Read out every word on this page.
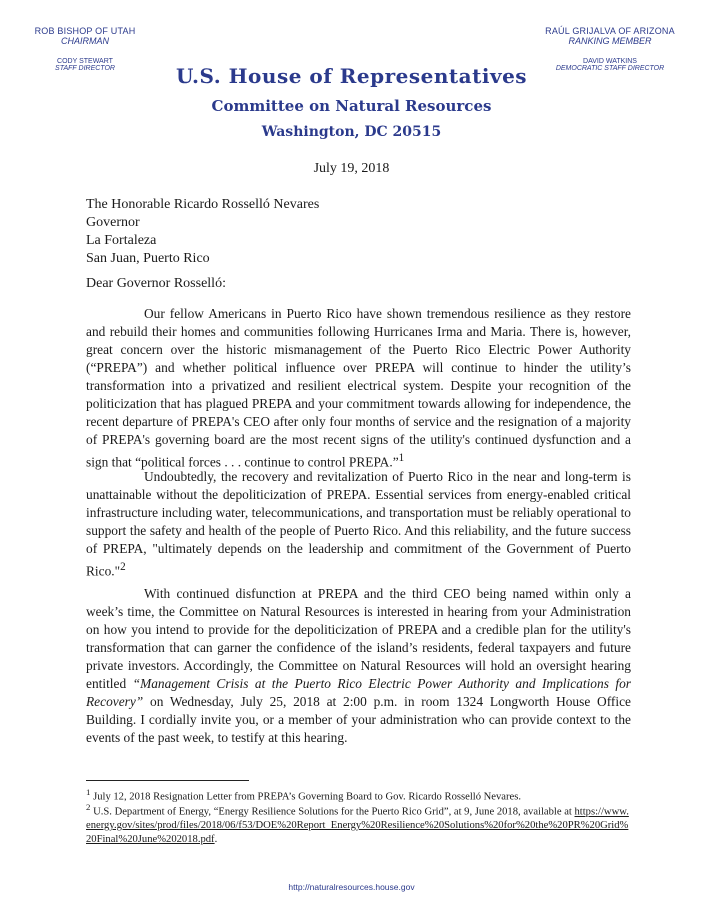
ROB BISHOP OF UTAH
CHAIRMAN
CODY STEWART
STAFF DIRECTOR
RAÚL GRIJALVA OF ARIZONA
RANKING MEMBER
DAVID WATKINS
DEMOCRATIC STAFF DIRECTOR
U.S. House of Representatives
Committee on Natural Resources
Washington, DC 20515
July 19, 2018
The Honorable Ricardo Rosselló Nevares
Governor
La Fortaleza
San Juan, Puerto Rico
Dear Governor Rosselló:

Our fellow Americans in Puerto Rico have shown tremendous resilience as they restore and rebuild their homes and communities following Hurricanes Irma and Maria. There is, however, great concern over the historic mismanagement of the Puerto Rico Electric Power Authority (“PREPA”) and whether political influence over PREPA will continue to hinder the utility’s transformation into a privatized and resilient electrical system. Despite your recognition of the politicization that has plagued PREPA and your commitment towards allowing for independence, the recent departure of PREPA's CEO after only four months of service and the resignation of a majority of PREPA's governing board are the most recent signs of the utility's continued dysfunction and a sign that “political forces . . . continue to control PREPA.”$^1$

Undoubtedly, the recovery and revitalization of Puerto Rico in the near and long-term is unattainable without the depoliticization of PREPA. Essential services from energy-enabled critical infrastructure including water, telecommunications, and transportation must be reliably operational to support the safety and health of the people of Puerto Rico. And this reliability, and the future success of PREPA, "ultimately depends on the leadership and commitment of the Government of Puerto Rico."$^2$

With continued disfunction at PREPA and the third CEO being named within only a week’s time, the Committee on Natural Resources is interested in hearing from your Administration on how you intend to provide for the depoliticization of PREPA and a credible plan for the utility's transformation that can garner the confidence of the island’s residents, federal taxpayers and future private investors. Accordingly, the Committee on Natural Resources will hold an oversight hearing entitled “Management Crisis at the Puerto Rico Electric Power Authority and Implications for Recovery” on Wednesday, July 25, 2018 at 2:00 p.m. in room 1324 Longworth House Office Building. I cordially invite you, or a member of your administration who can provide context to the events of the past week, to testify at this hearing.

$^1$ July 12, 2018 Resignation Letter from PREPA’s Governing Board to Gov. Ricardo Rosselló Nevares.

$^2$ U.S. Department of Energy, “Energy Resilience Solutions for the Puerto Rico Grid”, at 9, June 2018, available at https://www.energy.gov/sites/prod/files/2018/06/f53/DOE%20Report_Energy%20Resilience%20Solutions%20for%20the%20PR%20Grid%20Final%20June%202018.pdf.

http://naturalresources.house.gov
